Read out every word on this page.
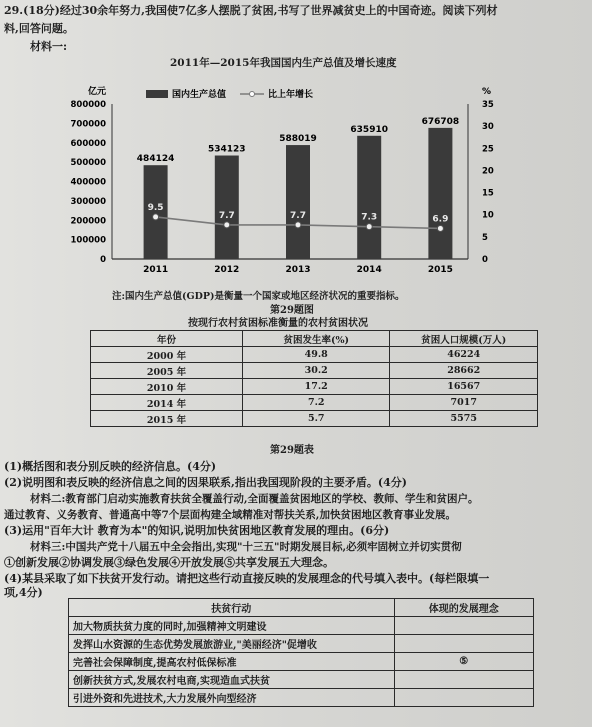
29.(18分)经过30余年努力,我国使7亿多人摆脱了贫困,书写了世界减贫史上的中国奇迹。阅读下列材
料,回答问题。
材料一:
2011年—2015年我国国内生产总值及增长速度
亿元
0
100000
200000
300000
400000
500000
600000
700000
800000
%
0
5
10
15
20
25
30
35
国内生产总值	比上年增长
484124
2011
534123
2012
588019
2013
635910
2014
676708
2015
9.5
7.7	7.7	7.3	6.9
注:国内生产总值(GDP)是衡量一个国家或地区经济状况的重要指标。
第29题图
按现行农村贫困标准衡量的农村贫困状况
年份	贫困发生率(%)	贫困人口规模(万人)
2000 年	49.8	46224
2005 年	30.2	28662
2010 年	17.2	16567
2014 年	7.2	7017
2015 年	5.7	5575
第29题表
(1)概括图和表分别反映的经济信息。(4分)
(2)说明图和表反映的经济信息之间的因果联系,指出我国现阶段的主要矛盾。(4分)
材料二:教育部门启动实施教育扶贫全覆盖行动,全面覆盖贫困地区的学校、教师、学生和贫困户。
通过教育、义务教育、普通高中等7个层面构建全域精准对帮扶关系,加快贫困地区教育事业发展。
(3)运用"百年大计 教育为本"的知识,说明加快贫困地区教育发展的理由。(6分)
材料三:中国共产党十八届五中全会指出,实现"十三五"时期发展目标,必须牢固树立并切实贯彻
①创新发展②协调发展③绿色发展④开放发展⑤共享发展五大理念。
(4)某县采取了如下扶贫开发行动。请把这些行动直接反映的发展理念的代号填入表中。(每栏限填一
项,4分)
扶贫行动	体现的发展理念
加大物质扶贫力度的同时,加强精神文明建设	
发挥山水资源的生态优势发展旅游业,"美丽经济"促增收	
完善社会保障制度,提高农村低保标准	⑤
创新扶贫方式,发展农村电商,实现造血式扶贫	
引进外资和先进技术,大力发展外向型经济	
